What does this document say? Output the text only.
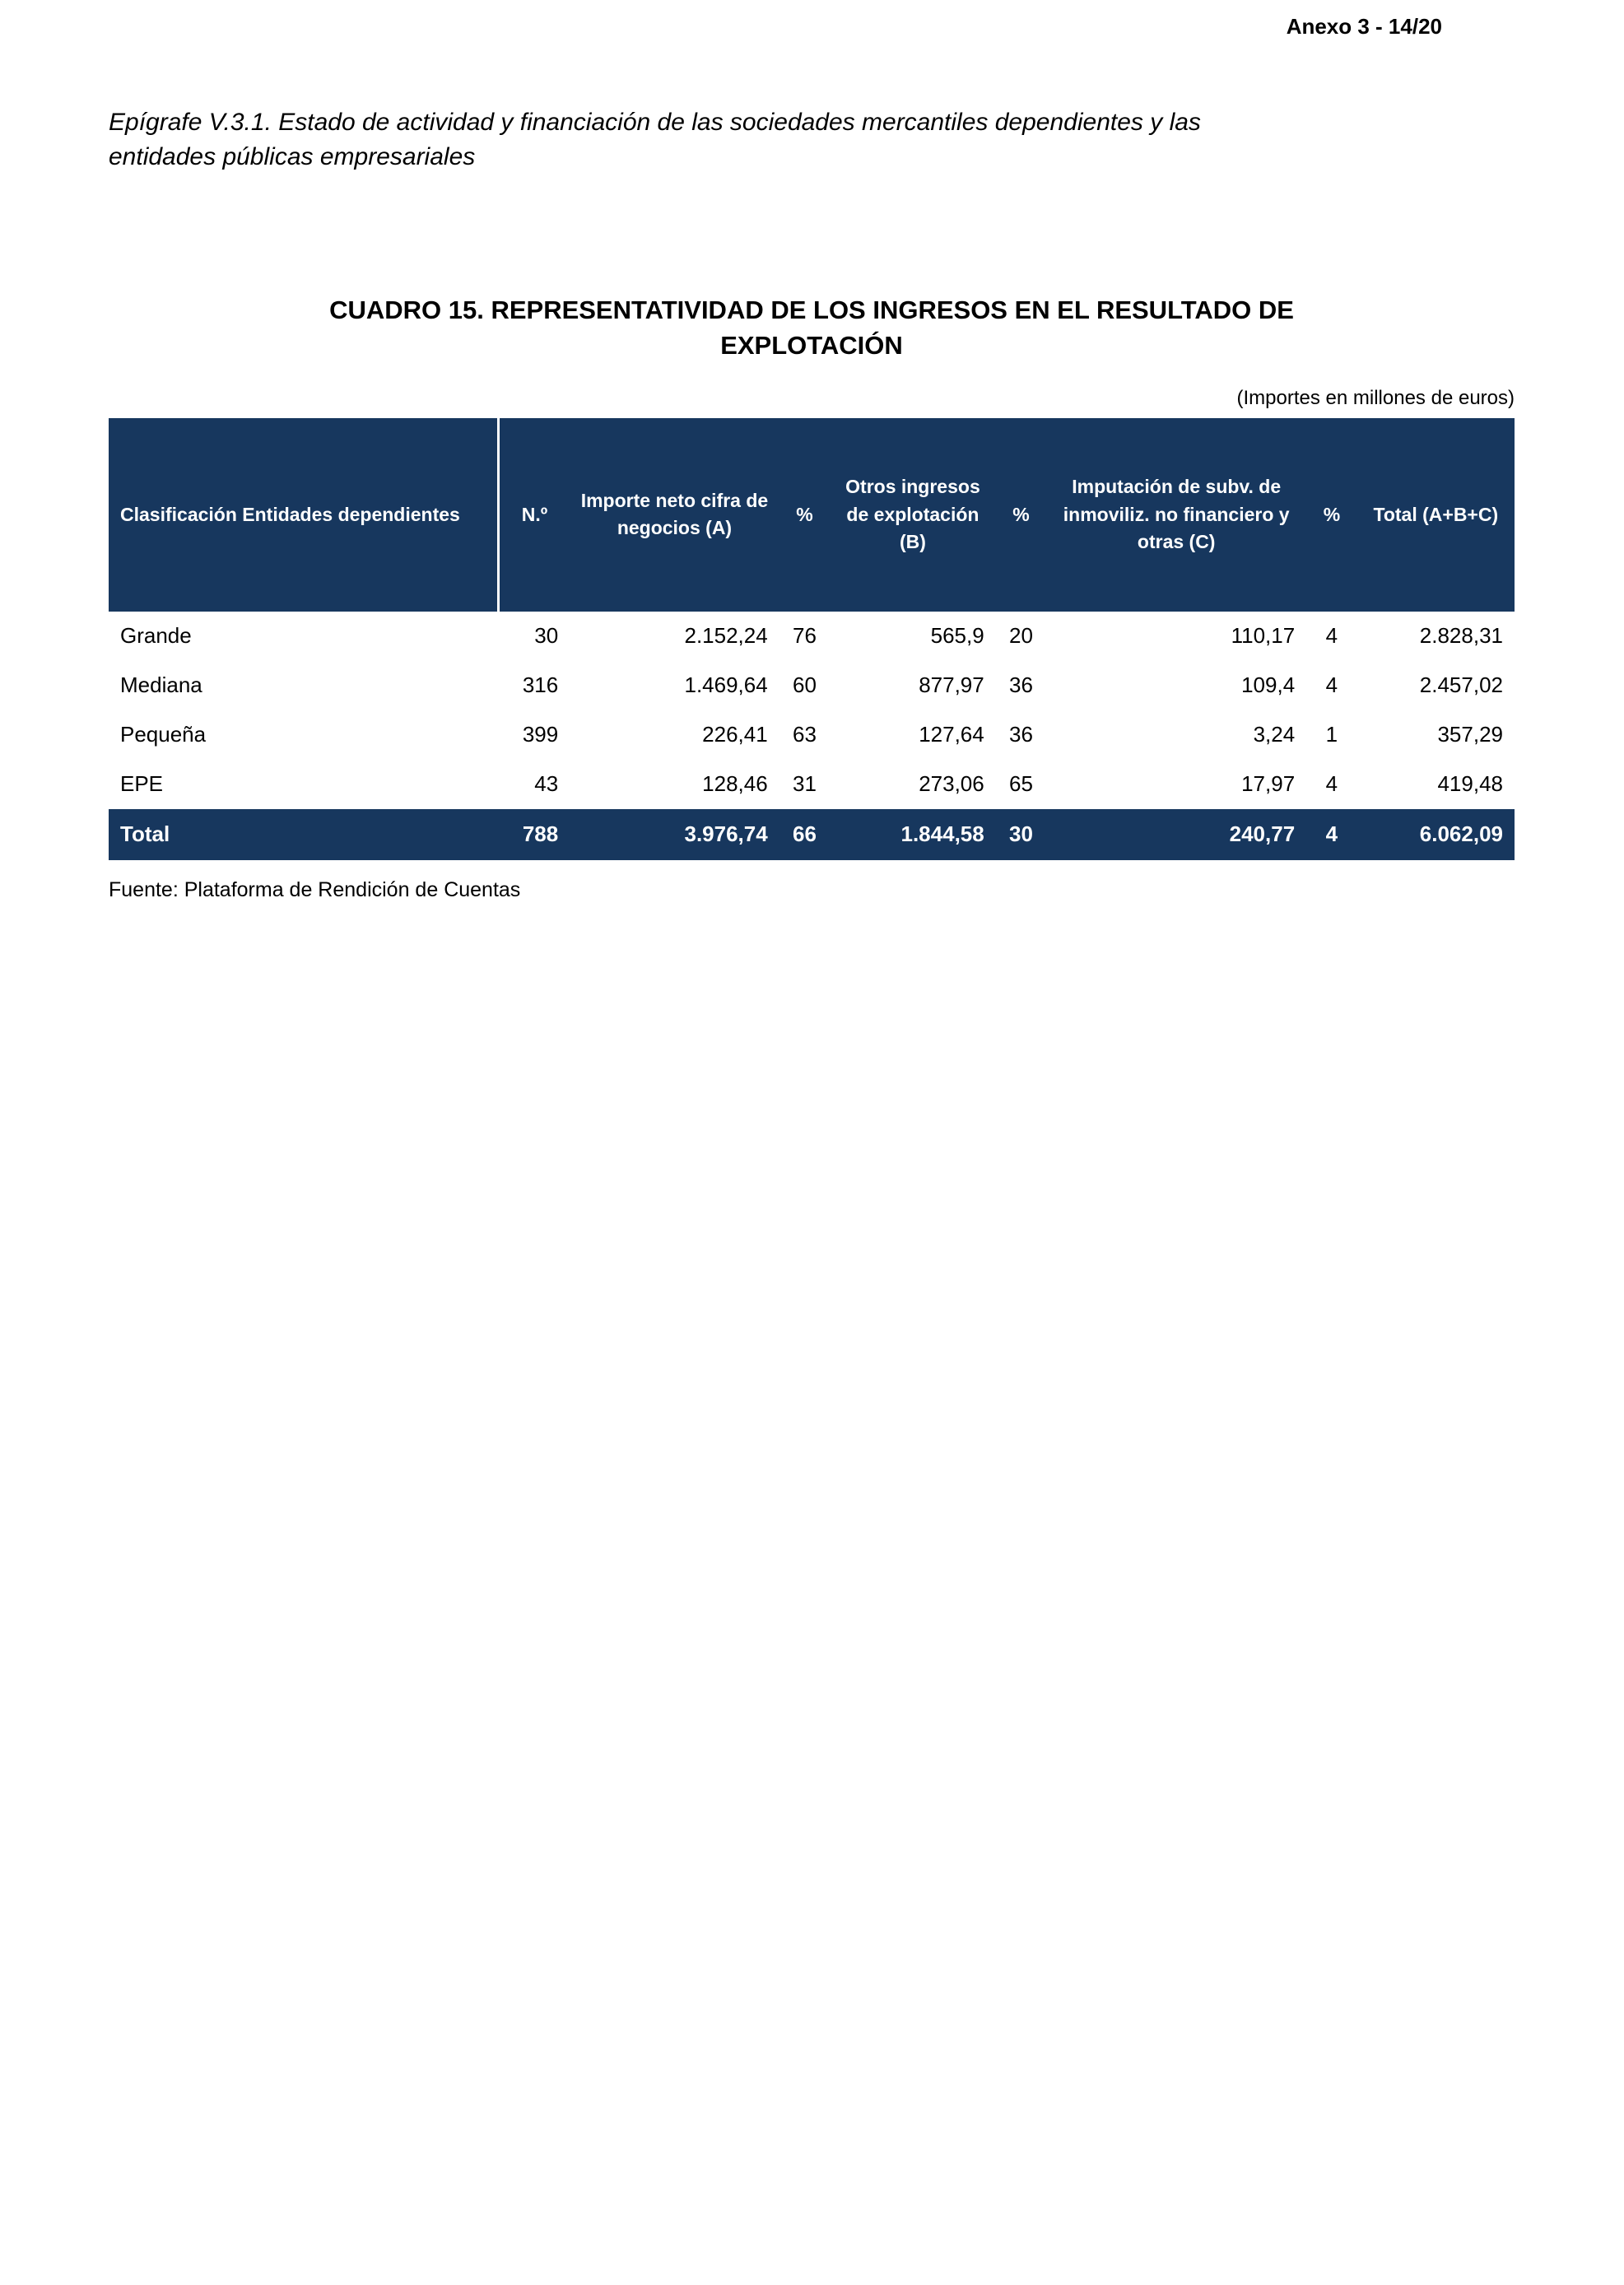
Anexo 3 - 14/20

Epígrafe V.3.1. Estado de actividad y financiación de las sociedades mercantiles dependientes y las entidades públicas empresariales

CUADRO 15. REPRESENTATIVIDAD DE LOS INGRESOS EN EL RESULTADO DE EXPLOTACIÓN
(Importes en millones de euros)
Clasificación Entidades dependientes	N.º	Importe neto cifra de negocios (A)	%	Otros ingresos de explotación (B)	%	Imputación de subv. de inmoviliz. no financiero y otras (C)	%	Total (A+B+C)
Grande	30	2.152,24	76	565,9	20	110,17	4	2.828,31
Mediana	316	1.469,64	60	877,97	36	109,4	4	2.457,02
Pequeña	399	226,41	63	127,64	36	3,24	1	357,29
EPE	43	128,46	31	273,06	65	17,97	4	419,48
Total	788	3.976,74	66	1.844,58	30	240,77	4	6.062,09
Fuente: Plataforma de Rendición de Cuentas
